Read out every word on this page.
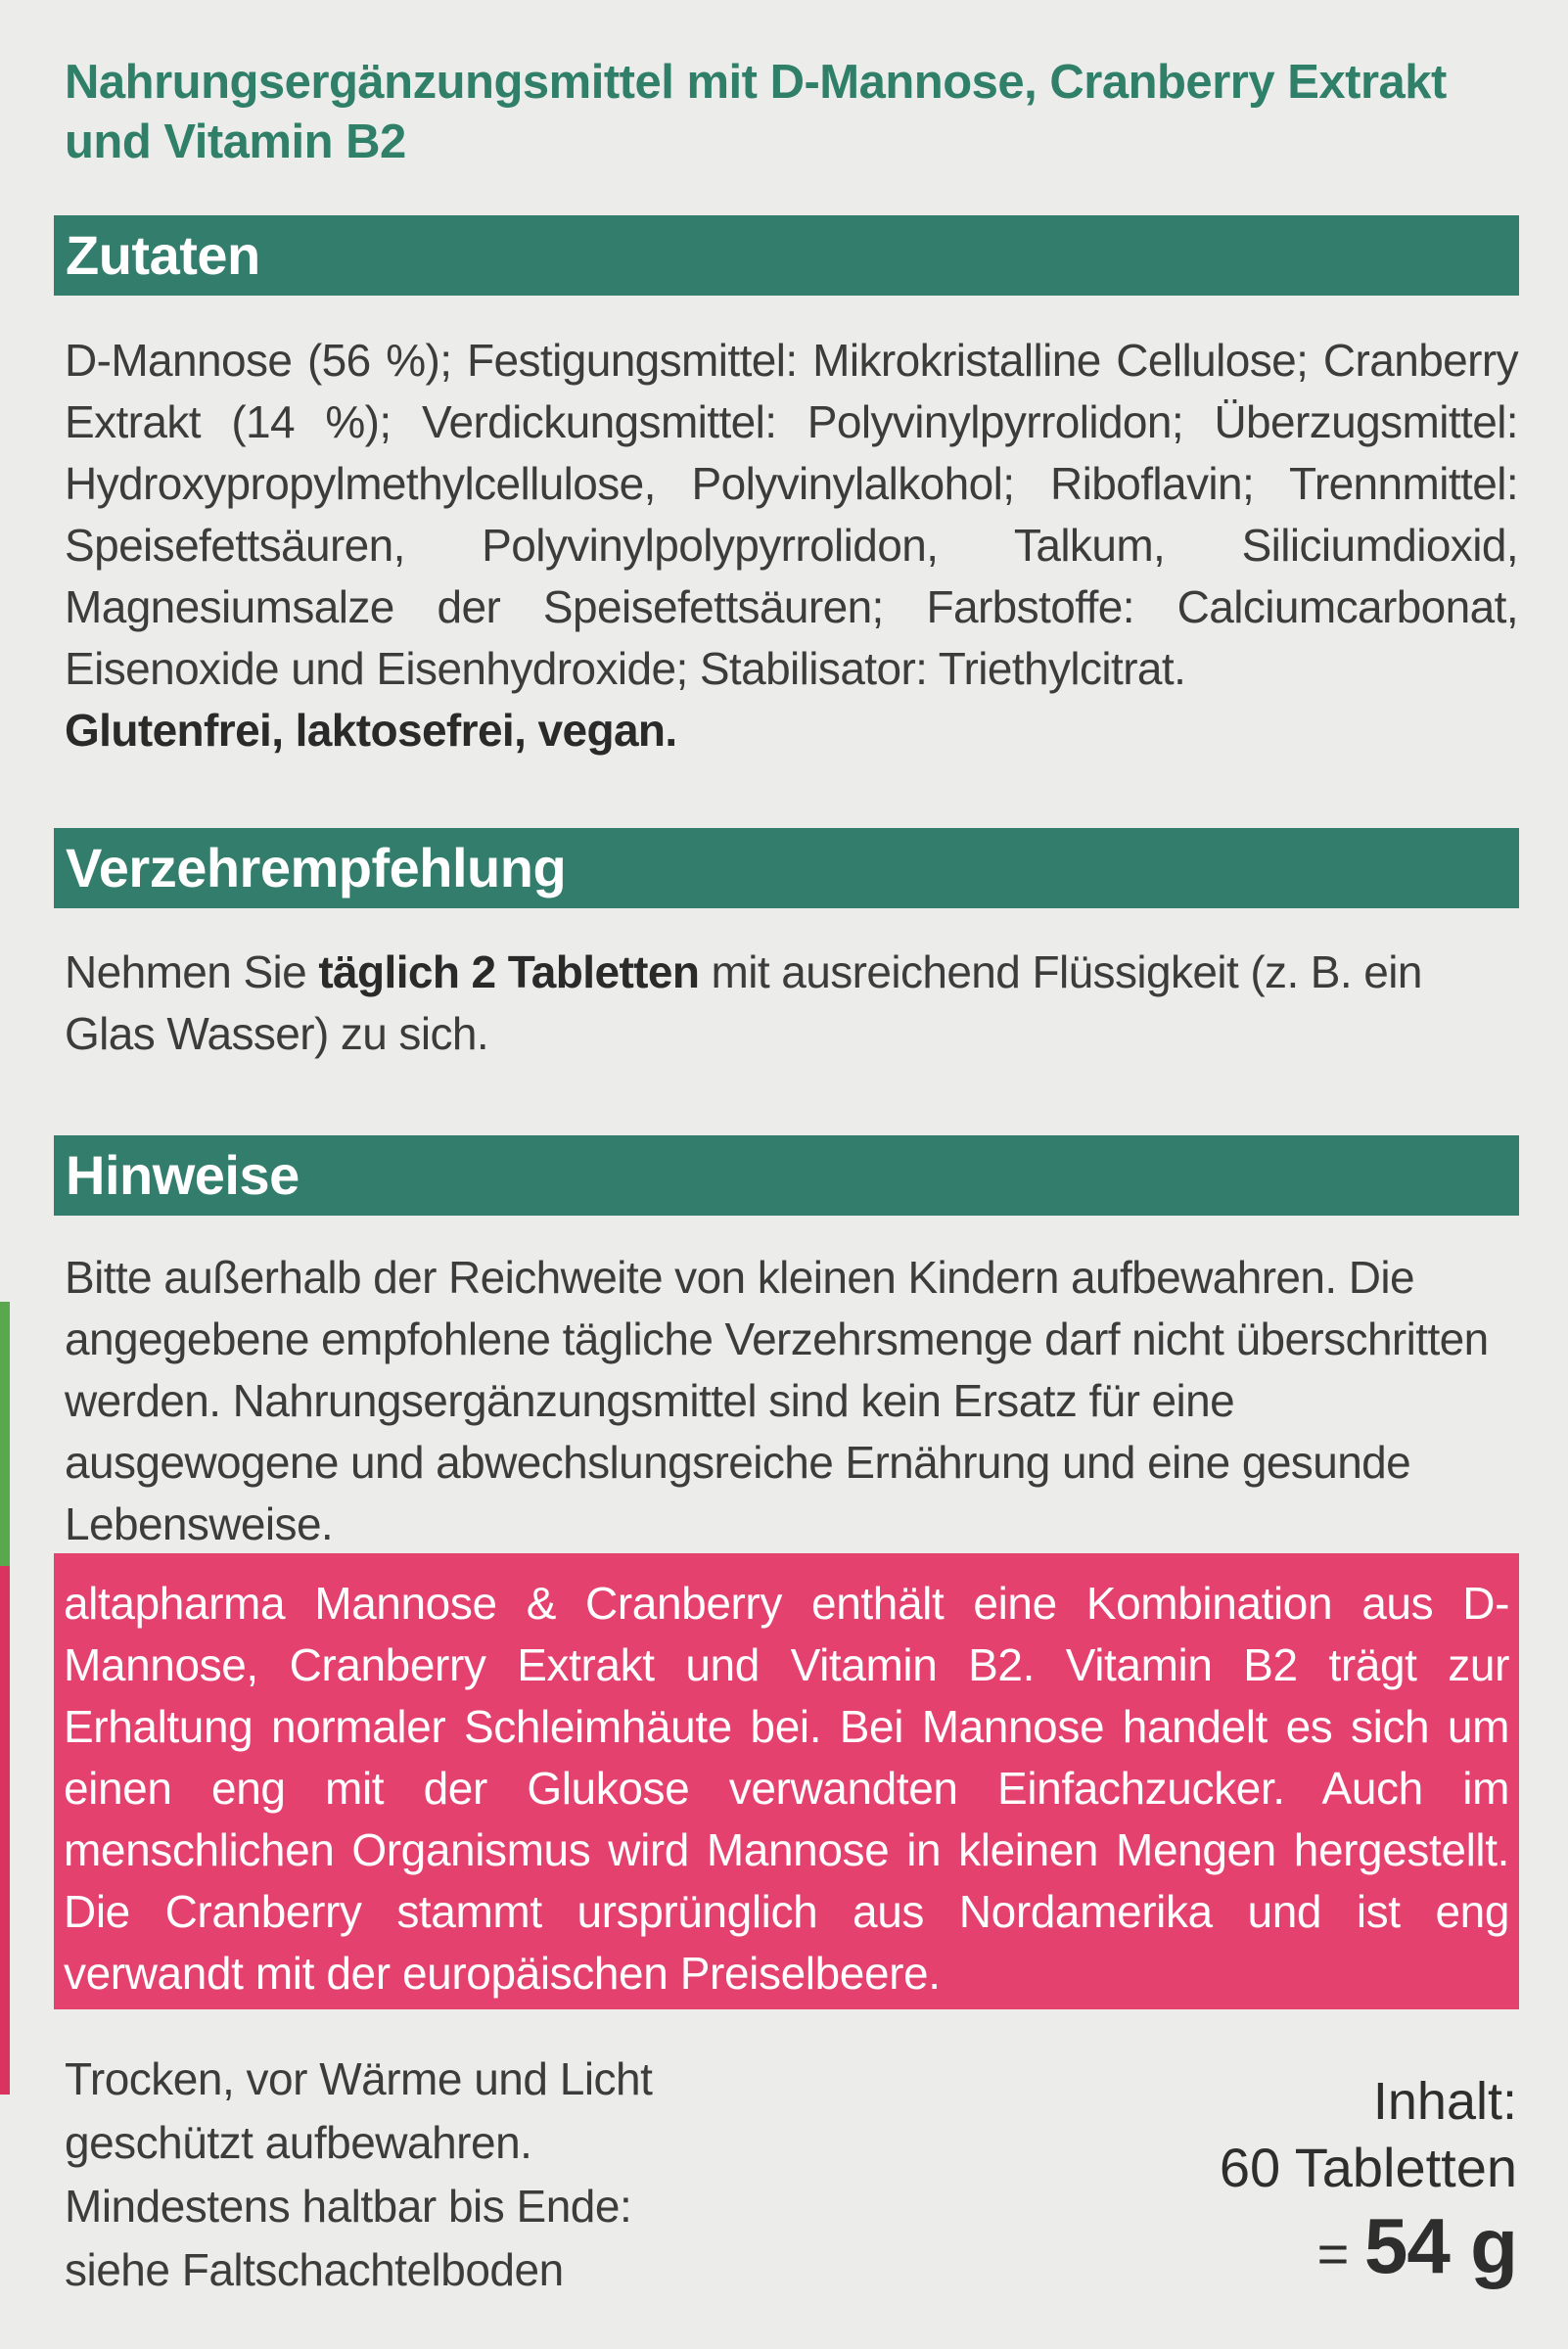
Nahrungsergänzungsmittel mit D-Mannose, Cranberry Extrakt und Vitamin B2
Zutaten

D-Mannose (56 %); Festigungsmittel: Mikrokristalline Cellulose; Cranberry Extrakt (14 %); Verdickungsmittel: Polyvinylpyrrolidon; Überzugsmittel: Hydroxypropylmethylcellulose, Polyvinylalkohol; Riboflavin; Trennmittel: Speisefettsäuren, Polyvinylpolypyrrolidon, Talkum, Siliciumdioxid, Magnesiumsalze der Speisefettsäuren; Farbstoffe: Calciumcarbonat, Eisenoxide und Eisenhydroxide; Stabilisator: Triethylcitrat.
Glutenfrei, laktosefrei, vegan.

Verzehrempfehlung

Nehmen Sie täglich 2 Tabletten mit ausreichend Flüssigkeit (z. B. ein Glas Wasser) zu sich.

Hinweise

Bitte außerhalb der Reichweite von kleinen Kindern aufbewahren. Die angegebene empfohlene tägliche Verzehrsmenge darf nicht überschritten werden. Nahrungsergänzungsmittel sind kein Ersatz für eine ausgewogene und abwechslungsreiche Ernährung und eine gesunde Lebensweise.

altapharma Mannose & Cranberry enthält eine Kombination aus D-Mannose, Cranberry Extrakt und Vitamin B2. Vitamin B2 trägt zur Erhaltung normaler Schleimhäute bei. Bei Mannose handelt es sich um einen eng mit der Glukose verwandten Einfachzucker. Auch im menschlichen Organismus wird Mannose in kleinen Mengen hergestellt. Die Cranberry stammt ursprünglich aus Nordamerika und ist eng verwandt mit der europäischen Preiselbeere.

Trocken, vor Wärme und Licht
geschützt aufbewahren.
Mindestens haltbar bis Ende:
siehe Faltschachtelboden

Inhalt:
60 Tabletten
= 54 g
